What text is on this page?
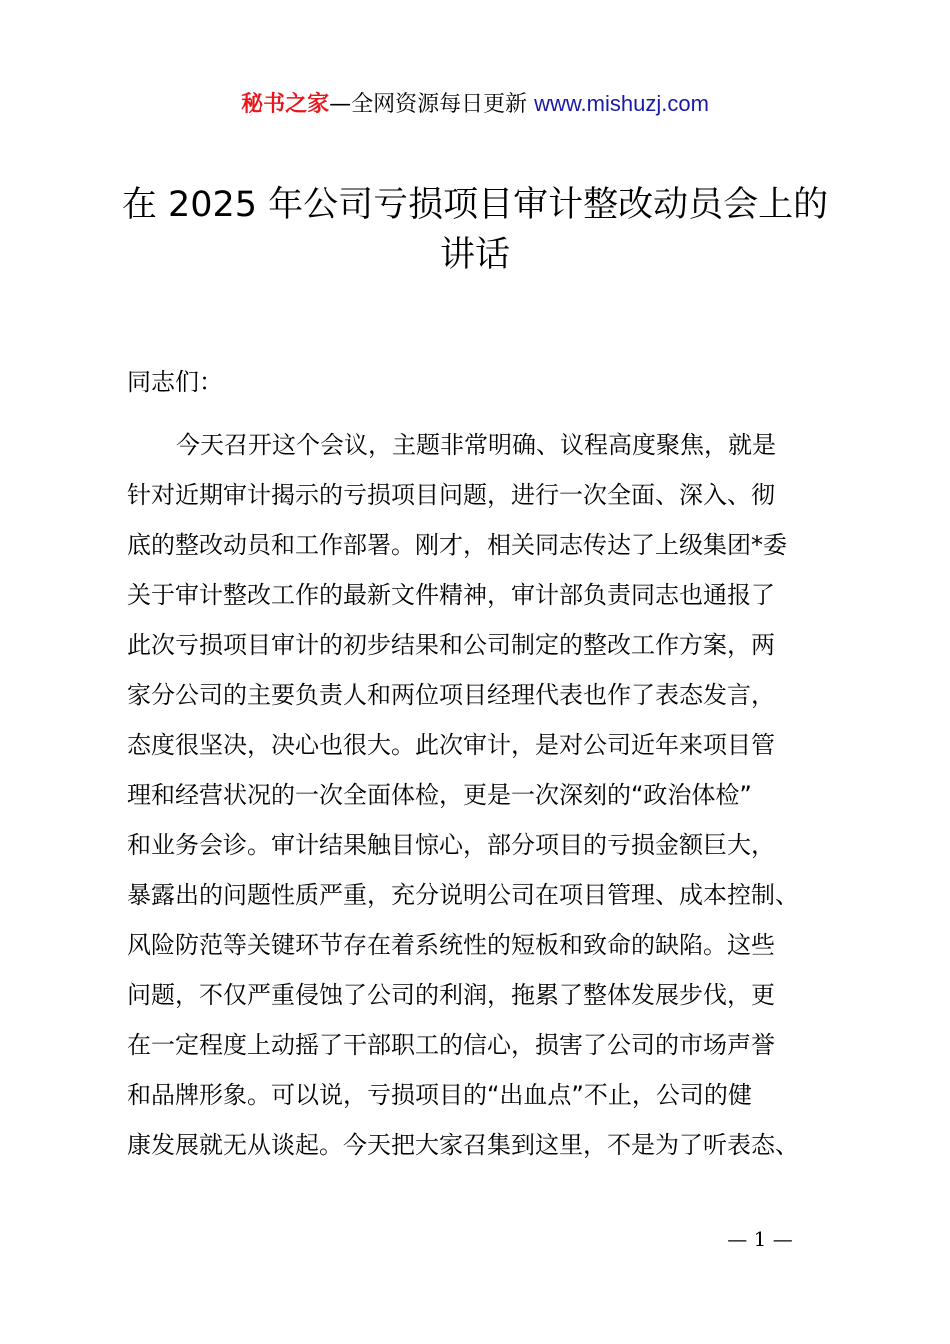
秘书之家—全网资源每日更新 www.mishuzj.com
在 2025 年公司亏损项目审计整改动员会上的
讲话
同志们：
今天召开这个会议，主题非常明确、议程高度聚焦，就是
针对近期审计揭示的亏损项目问题，进行一次全面、深入、彻
底的整改动员和工作部署。刚才，相关同志传达了上级集团*委
关于审计整改工作的最新文件精神，审计部负责同志也通报了
此次亏损项目审计的初步结果和公司制定的整改工作方案，两
家分公司的主要负责人和两位项目经理代表也作了表态发言，
态度很坚决，决心也很大。此次审计，是对公司近年来项目管
理和经营状况的一次全面体检，更是一次深刻的“政治体检”
和业务会诊。审计结果触目惊心，部分项目的亏损金额巨大，
暴露出的问题性质严重，充分说明公司在项目管理、成本控制、
风险防范等关键环节存在着系统性的短板和致命的缺陷。这些
问题，不仅严重侵蚀了公司的利润，拖累了整体发展步伐，更
在一定程度上动摇了干部职工的信心，损害了公司的市场声誉
和品牌形象。可以说，亏损项目的“出血点”不止，公司的健
康发展就无从谈起。今天把大家召集到这里，不是为了听表态、
— 1 —
